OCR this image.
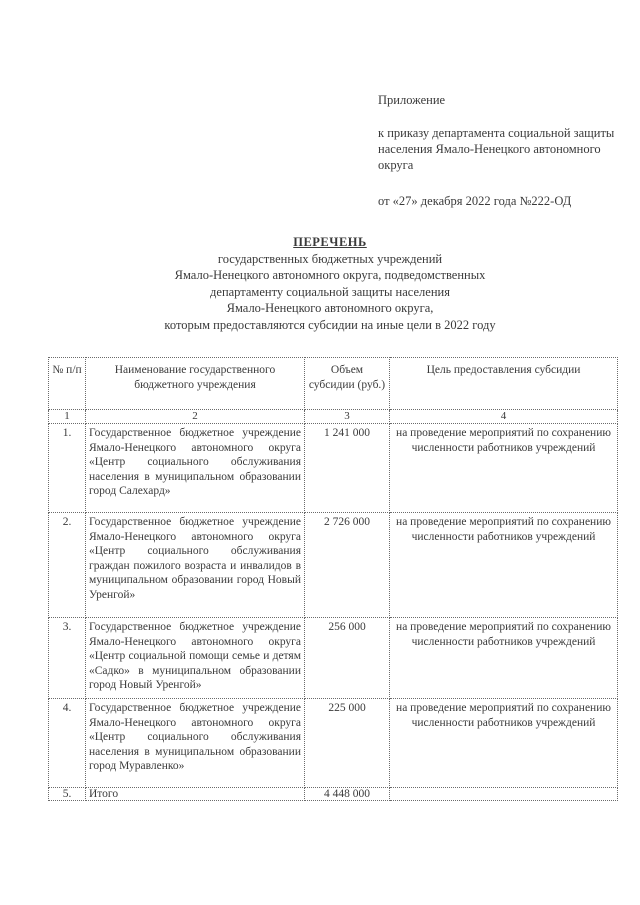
Приложение

к приказу департамента социальной защиты населения Ямало-Ненецкого автономного округа

от «27» декабря 2022 года №222-ОД

ПЕРЕЧЕНЬ
государственных бюджетных учреждений
Ямало-Ненецкого автономного округа, подведомственных
департаменту социальной защиты населения
Ямало-Ненецкого автономного округа,
которым предоставляются субсидии на иные цели в 2022 году
№ п/п	Наименование государственного бюджетного учреждения	Объем субсидии (руб.)	Цель предоставления субсидии
1	2	3	4
1.	Государственное бюджетное учреждение Ямало-Ненецкого автономного округа «Центр социального обслуживания населения в муниципальном образовании город Салехард»	1 241 000	на проведение мероприятий по сохранению численности работников учреждений
2.	Государственное бюджетное учреждение Ямало-Ненецкого автономного округа «Центр социального обслуживания граждан пожилого возраста и инвалидов в муниципальном образовании город Новый Уренгой»	2 726 000	на проведение мероприятий по сохранению численности работников учреждений
3.	Государственное бюджетное учреждение Ямало-Ненецкого автономного округа «Центр социальной помощи семье и детям «Садко» в муниципальном образовании город Новый Уренгой»	256 000	на проведение мероприятий по сохранению численности работников учреждений
4.	Государственное бюджетное учреждение Ямало-Ненецкого автономного округа «Центр социального обслуживания населения в муниципальном образовании город Муравленко»	225 000	на проведение мероприятий по сохранению численности работников учреждений
5.	Итого	4 448 000	
